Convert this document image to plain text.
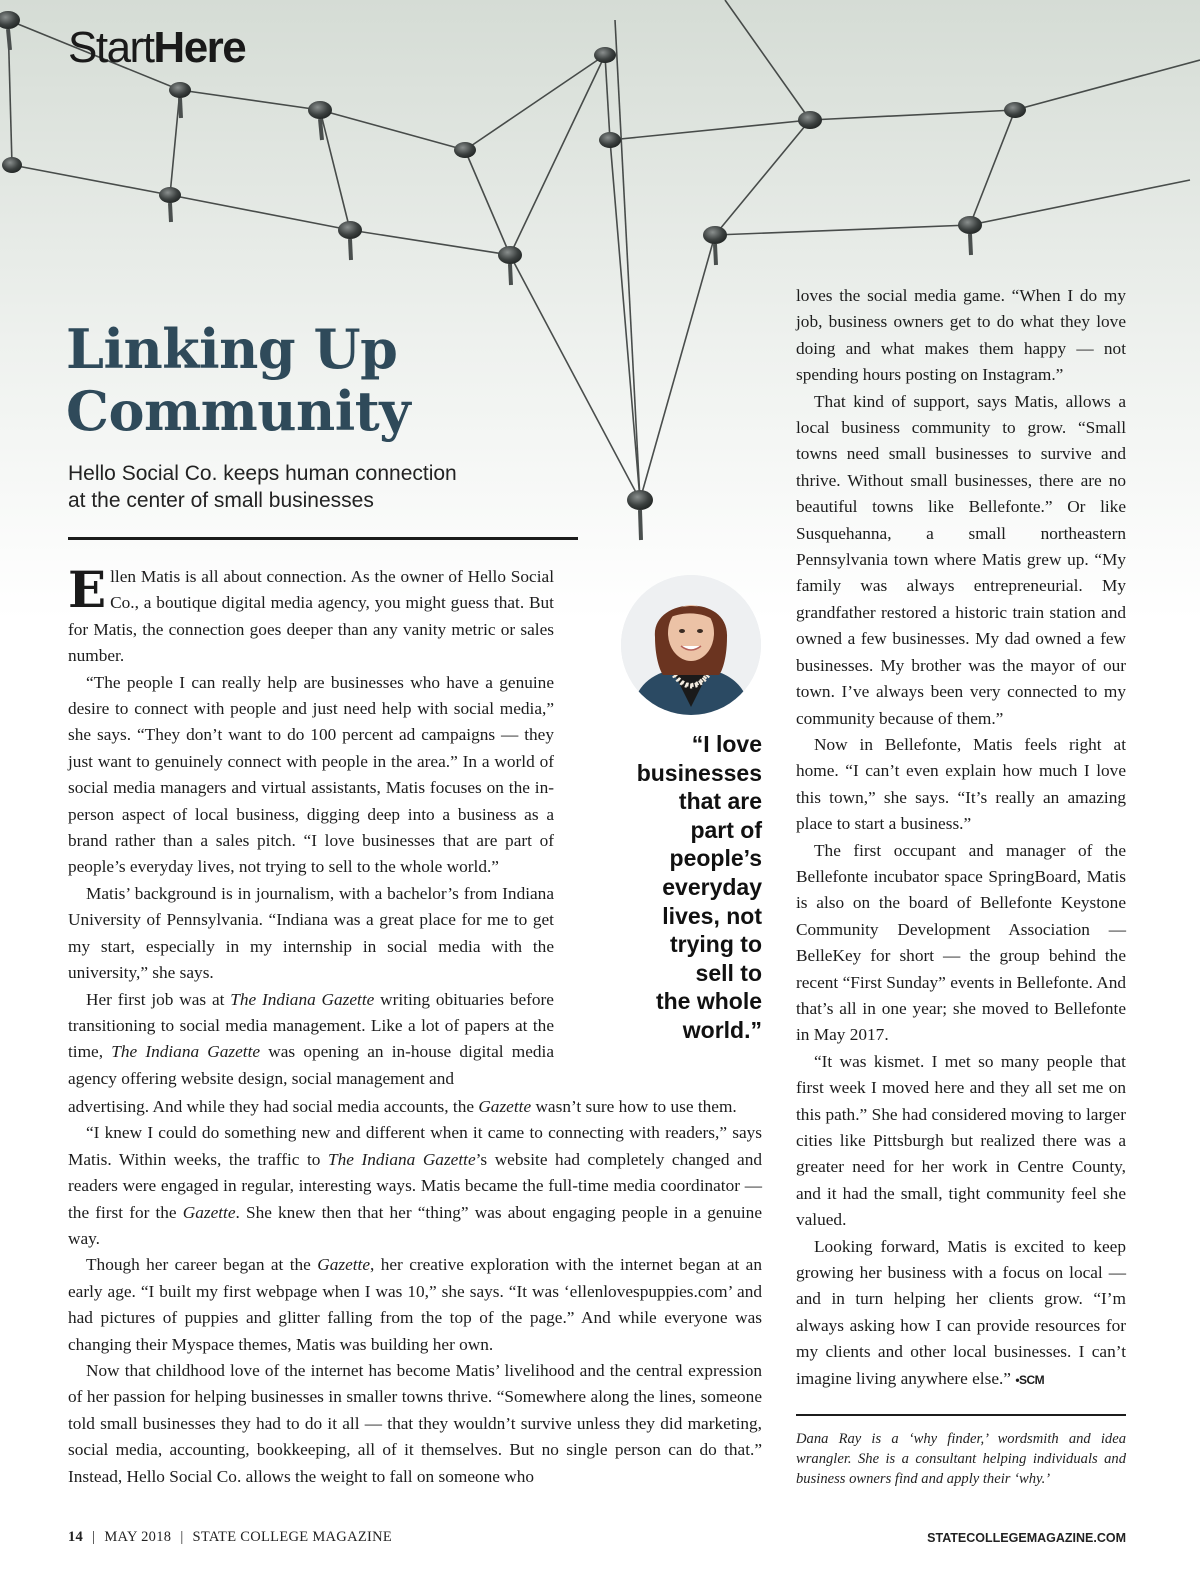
StartHere
Linking Up
Community
Hello Social Co. keeps human connection
at the center of small businesses

Ellen Matis is all about connection. As the owner of Hello Social Co., a boutique digital media agency, you might guess that. But for Matis, the connection goes deeper than any vanity metric or sales number.

“The people I can really help are businesses who have a genuine desire to connect with people and just need help with social media,” she says. “They don’t want to do 100 percent ad campaigns — they just want to genuinely connect with people in the area.” In a world of social media managers and virtual assistants, Matis focuses on the in-person aspect of local business, digging deep into a business as a brand rather than a sales pitch. “I love businesses that are part of people’s everyday lives, not trying to sell to the whole world.”

Matis’ background is in journalism, with a bachelor’s from Indiana University of Pennsylvania. “Indiana was a great place for me to get my start, especially in my internship in social media with the university,” she says.

Her first job was at The Indiana Gazette writing obituaries before transitioning to social media management. Like a lot of papers at the time, The Indiana Gazette was opening an in-house digital media agency offering website design, social management and

advertising. And while they had social media accounts, the Gazette wasn’t sure how to use them.

“I knew I could do something new and different when it came to connecting with readers,” says Matis. Within weeks, the traffic to The Indiana Gazette’s website had completely changed and readers were engaged in regular, interesting ways. Matis became the full-time media coordinator — the first for the Gazette. She knew then that her “thing” was about engaging people in a genuine way.

Though her career began at the Gazette, her creative exploration with the internet began at an early age. “I built my first webpage when I was 10,” she says. “It was ‘ellenlovespuppies.com’ and had pictures of puppies and glitter falling from the top of the page.” And while everyone was changing their Myspace themes, Matis was building her own.

Now that childhood love of the internet has become Matis’ livelihood and the central expression of her passion for helping businesses in smaller towns thrive. “Somewhere along the lines, someone told small businesses they had to do it all — that they wouldn’t survive unless they did marketing, social media, accounting, bookkeeping, all of it themselves. But no single person can do that.” Instead, Hello Social Co. allows the weight to fall on someone who

“I love
businesses
that are
part of
people’s
everyday
lives, not
trying to
sell to
the whole
world.”

loves the social media game. “When I do my job, business owners get to do what they love doing and what makes them happy — not spending hours posting on Instagram.”

That kind of support, says Matis, allows a local business community to grow. “Small towns need small businesses to survive and thrive. Without small businesses, there are no beautiful towns like Bellefonte.” Or like Susquehanna, a small northeastern Pennsylvania town where Matis grew up. “My family was always entrepreneurial. My grandfather restored a historic train station and owned a few businesses. My dad owned a few businesses. My brother was the mayor of our town. I’ve always been very connected to my community because of them.”

Now in Bellefonte, Matis feels right at home. “I can’t even explain how much I love this town,” she says. “It’s really an amazing place to start a business.”

The first occupant and manager of the Bellefonte incubator space SpringBoard, Matis is also on the board of Bellefonte Keystone Community Development Association — BelleKey for short — the group behind the recent “First Sunday” events in Bellefonte. And that’s all in one year; she moved to Bellefonte in May 2017.

“It was kismet. I met so many people that first week I moved here and they all set me on this path.” She had considered moving to larger cities like Pittsburgh but realized there was a greater need for her work in Centre County, and it had the small, tight community feel she valued.

Looking forward, Matis is excited to keep growing her business with a focus on local — and in turn helping her clients grow. “I’m always asking how I can provide resources for my clients and other local businesses. I can’t imagine living anywhere else.” •SCM

Dana Ray is a ‘why finder,’ wordsmith and idea wrangler. She is a consultant helping individuals and business owners find and apply their ‘why.’
14 | MAY 2018 | STATE COLLEGE MAGAZINE	STATECOLLEGEMAGAZINE.COM
